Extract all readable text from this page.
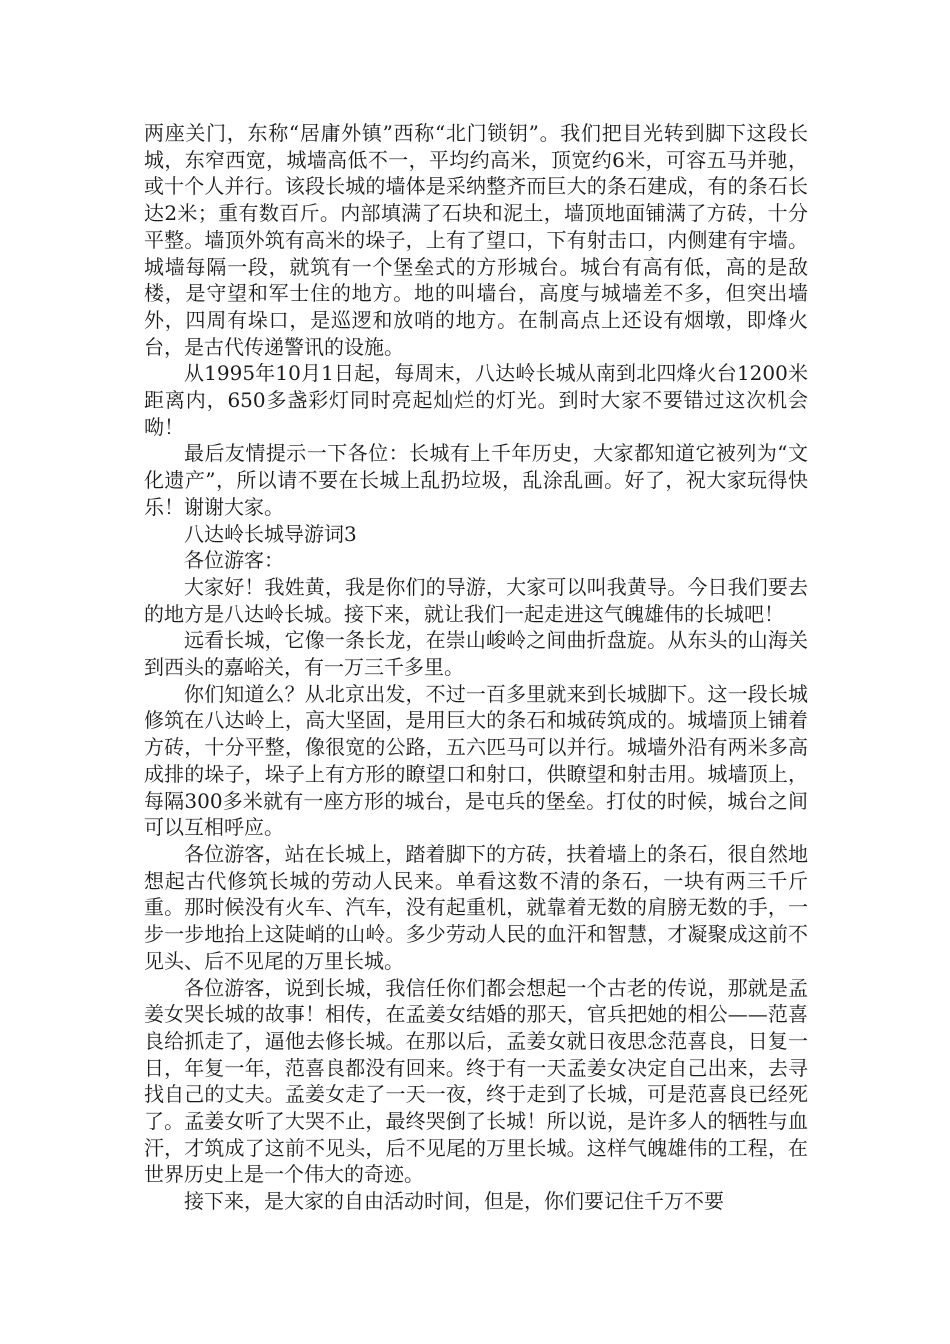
两座关门，东称“居庸外镇”西称“北门锁钥”。我们把目光转到脚下这段长城，东窄西宽，城墙高低不一，平均约高米，顶宽约6米，可容五马并驰，或十个人并行。该段长城的墙体是采纳整齐而巨大的条石建成，有的条石长达2米；重有数百斤。内部填满了石块和泥土，墙顶地面铺满了方砖，十分平整。墙顶外筑有高米的垛子，上有了望口，下有射击口，内侧建有宇墙。城墙每隔一段，就筑有一个堡垒式的方形城台。城台有高有低，高的是敌楼，是守望和军士住的地方。地的叫墙台，高度与城墙差不多，但突出墙外，四周有垛口，是巡逻和放哨的地方。在制高点上还设有烟墩，即烽火台，是古代传递警讯的设施。

从1995年10月1日起，每周末，八达岭长城从南到北四烽火台1200米距离内，650多盏彩灯同时亮起灿烂的灯光。到时大家不要错过这次机会呦！

最后友情提示一下各位：长城有上千年历史，大家都知道它被列为“文化遗产”，所以请不要在长城上乱扔垃圾，乱涂乱画。好了，祝大家玩得快乐！谢谢大家。

八达岭长城导游词3

各位游客：

大家好！我姓黄，我是你们的导游，大家可以叫我黄导。今日我们要去的地方是八达岭长城。接下来，就让我们一起走进这气魄雄伟的长城吧！

远看长城，它像一条长龙，在崇山峻岭之间曲折盘旋。从东头的山海关到西头的嘉峪关，有一万三千多里。

你们知道么？从北京出发，不过一百多里就来到长城脚下。这一段长城修筑在八达岭上，高大坚固，是用巨大的条石和城砖筑成的。城墙顶上铺着方砖，十分平整，像很宽的公路，五六匹马可以并行。城墙外沿有两米多高成排的垛子，垛子上有方形的瞭望口和射口，供瞭望和射击用。城墙顶上，每隔300多米就有一座方形的城台，是屯兵的堡垒。打仗的时候，城台之间可以互相呼应。

各位游客，站在长城上，踏着脚下的方砖，扶着墙上的条石，很自然地想起古代修筑长城的劳动人民来。单看这数不清的条石，一块有两三千斤重。那时候没有火车、汽车，没有起重机，就靠着无数的肩膀无数的手，一步一步地抬上这陡峭的山岭。多少劳动人民的血汗和智慧，才凝聚成这前不见头、后不见尾的万里长城。

各位游客，说到长城，我信任你们都会想起一个古老的传说，那就是孟姜女哭长城的故事！相传，在孟姜女结婚的那天，官兵把她的相公——范喜良给抓走了，逼他去修长城。在那以后，孟姜女就日夜思念范喜良，日复一日，年复一年，范喜良都没有回来。终于有一天孟姜女决定自己出来，去寻找自己的丈夫。孟姜女走了一天一夜，终于走到了长城，可是范喜良已经死了。孟姜女听了大哭不止，最终哭倒了长城！所以说，是许多人的牺牲与血汗，才筑成了这前不见头，后不见尾的万里长城。这样气魄雄伟的工程，在世界历史上是一个伟大的奇迹。

接下来，是大家的自由活动时间，但是，你们要记住千万不要
